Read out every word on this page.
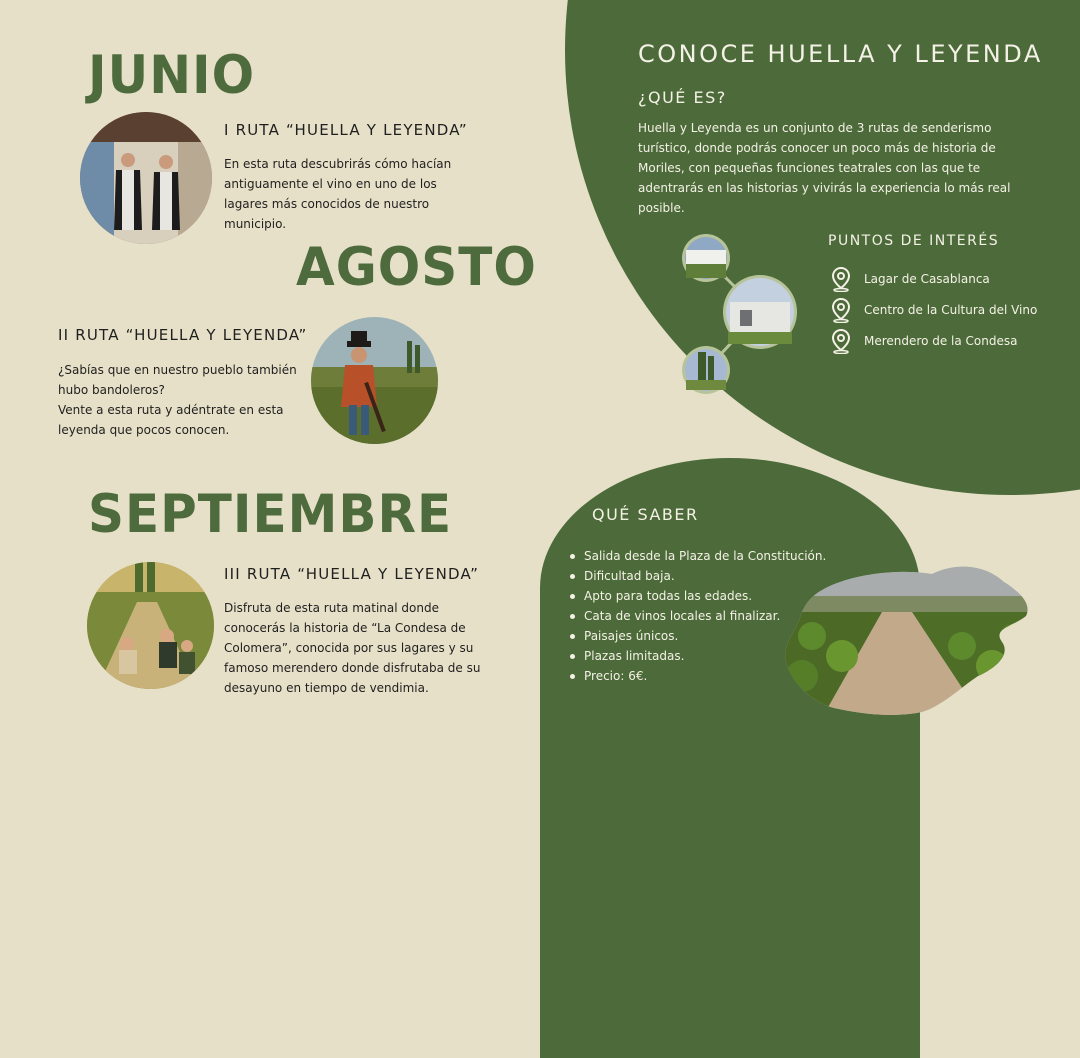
JUNIO
I RUTA “HUELLA Y LEYENDA”
En esta ruta descubrirás cómo hacían
antiguamente el vino en uno de los
lagares más conocidos de nuestro
municipio.
AGOSTO
II RUTA “HUELLA Y LEYENDA”
¿Sabías que en nuestro pueblo también
hubo bandoleros?
Vente a esta ruta y adéntrate en esta
leyenda que pocos conocen.
SEPTIEMBRE
III RUTA “HUELLA Y LEYENDA”
Disfruta de esta ruta matinal donde
conocerás la historia de “La Condesa de
Colomera”, conocida por sus lagares y su
famoso merendero donde disfrutaba de su
desayuno en tiempo de vendimia.
CONOCE HUELLA Y LEYENDA
¿QUÉ ES?
Huella y Leyenda es un conjunto de 3 rutas de senderismo
turístico, donde podrás conocer un poco más de historia de
Moriles, con pequeñas funciones teatrales con las que te
adentrarás en las historias y vivirás la experiencia lo más real
posible.
PUNTOS DE INTERÉS
Lagar de Casablanca
Centro de la Cultura del Vino
Merendero de la Condesa
QUÉ SABER
Salida desde la Plaza de la Constitución.
Dificultad baja.
Apto para todas las edades.
Cata de vinos locales al finalizar.
Paisajes únicos.
Plazas limitadas.
Precio: 6€.
